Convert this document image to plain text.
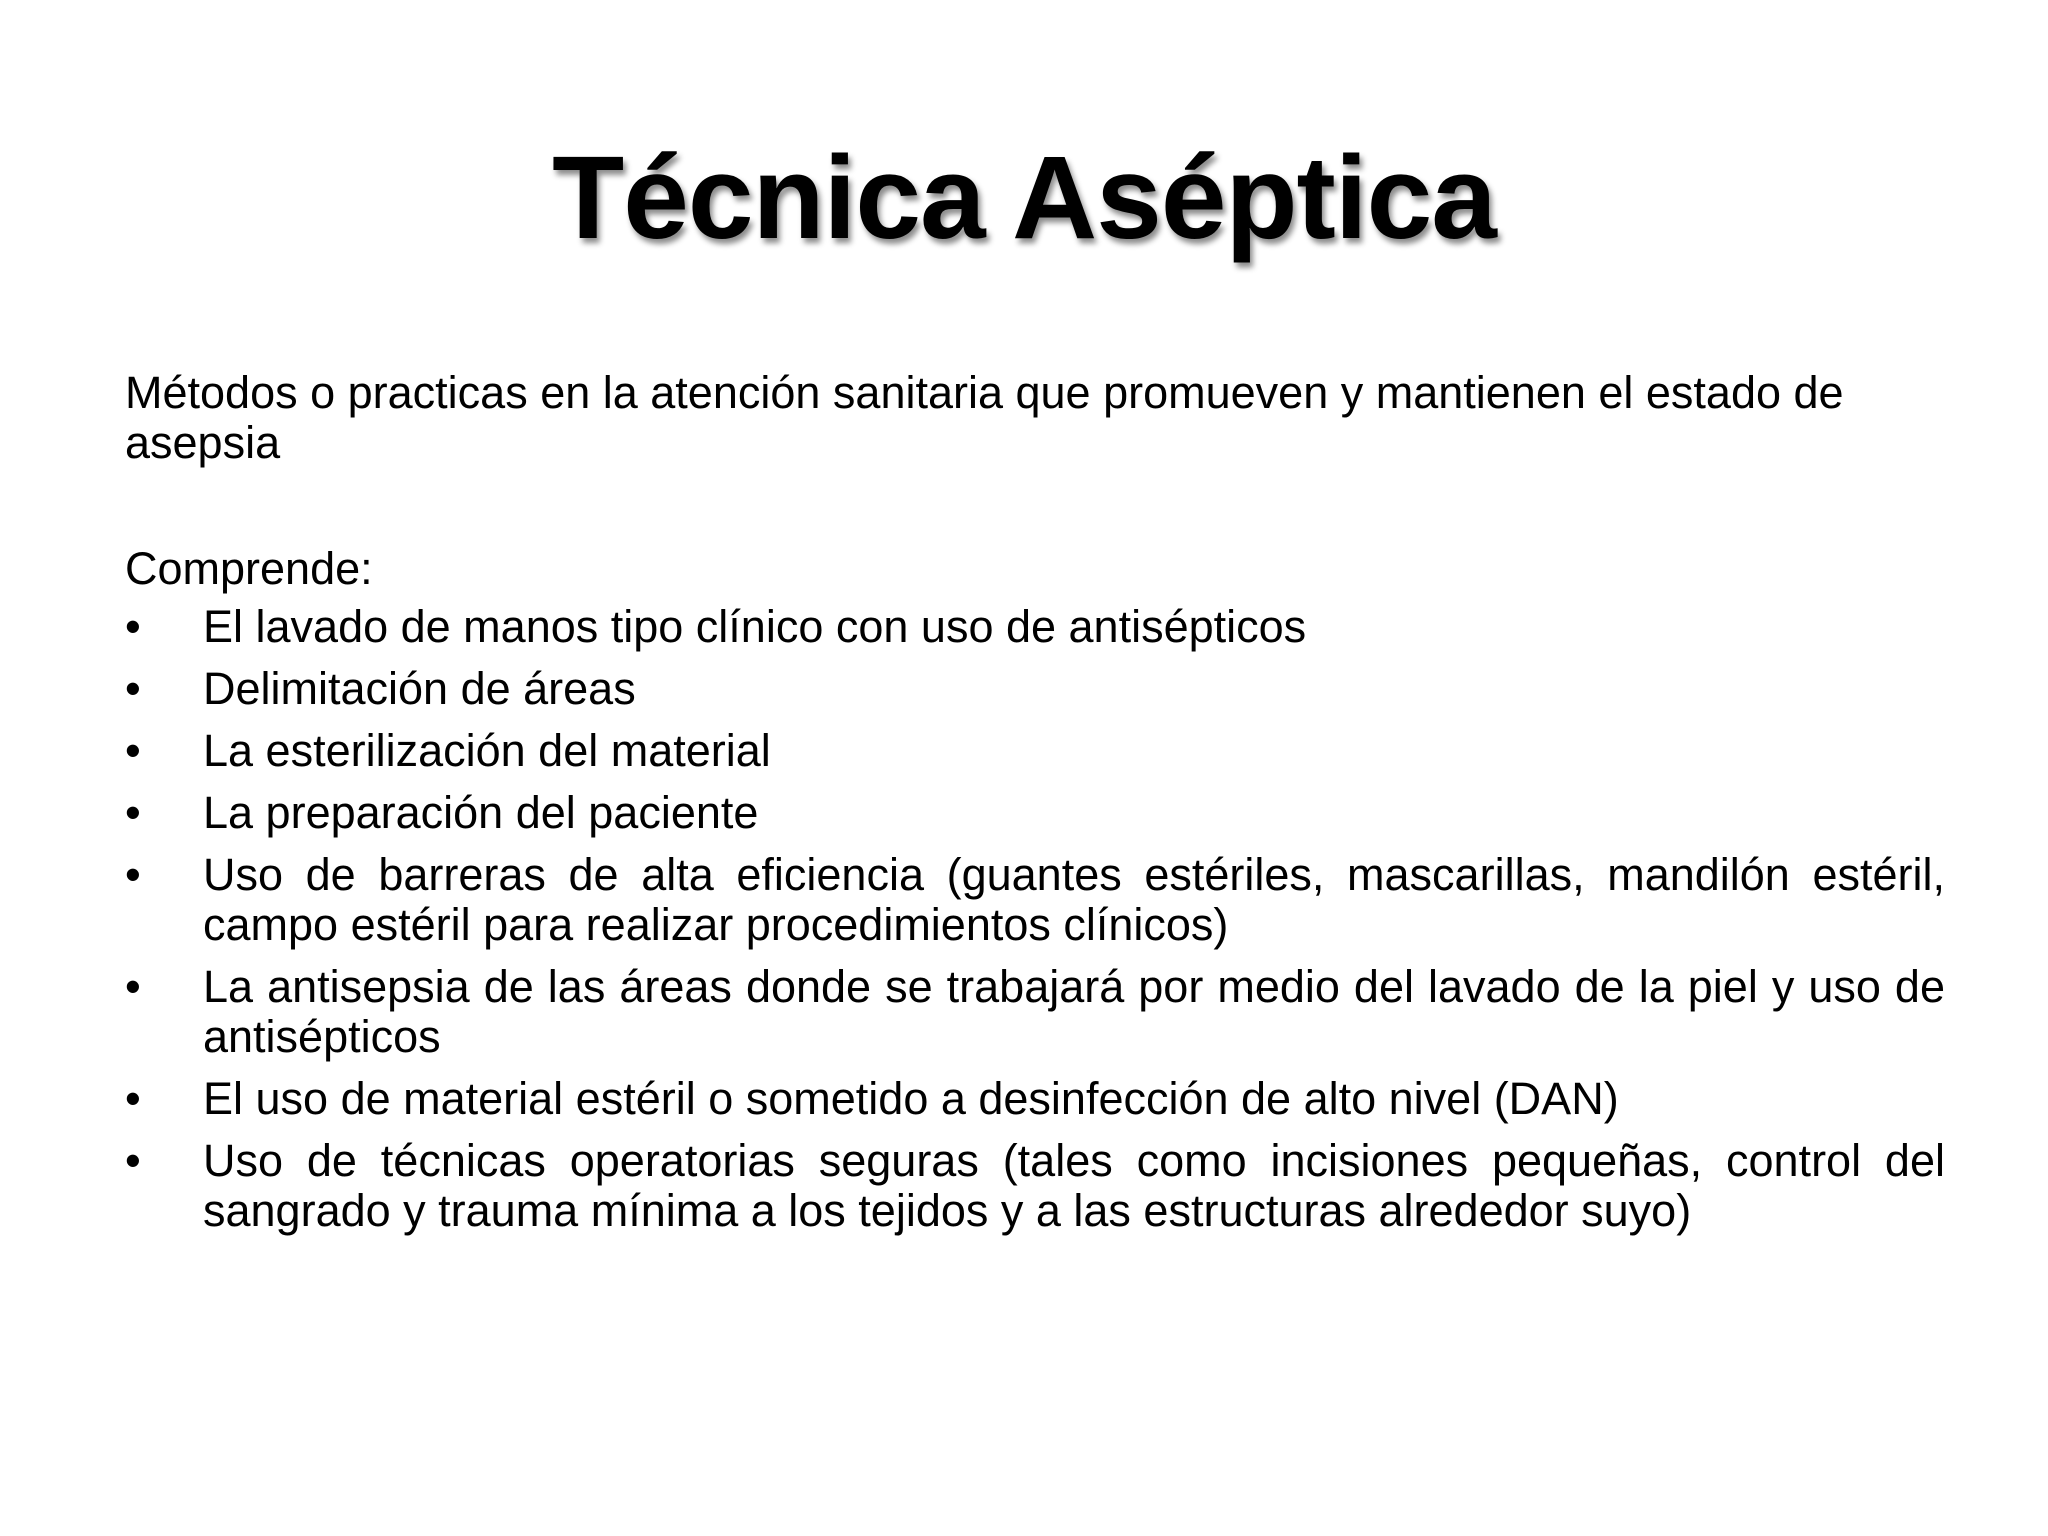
Técnica Aséptica

Métodos o practicas en la atención sanitaria que promueven y mantienen el estado de asepsia

Comprende:

•	El lavado de manos tipo clínico con uso de antisépticos
•	Delimitación de áreas
•	La esterilización del material
•	La preparación del paciente
•	Uso de barreras de alta eficiencia (guantes estériles, mascarillas, mandilón estéril, campo estéril para realizar procedimientos clínicos)
•	La antisepsia de las áreas donde se trabajará por medio del lavado de la piel y uso de antisépticos
•	El uso de material estéril o sometido a desinfección de alto nivel (DAN)
•	Uso de técnicas operatorias seguras (tales como incisiones pequeñas, control del sangrado y trauma mínima a los tejidos y a las estructuras alrededor suyo)
